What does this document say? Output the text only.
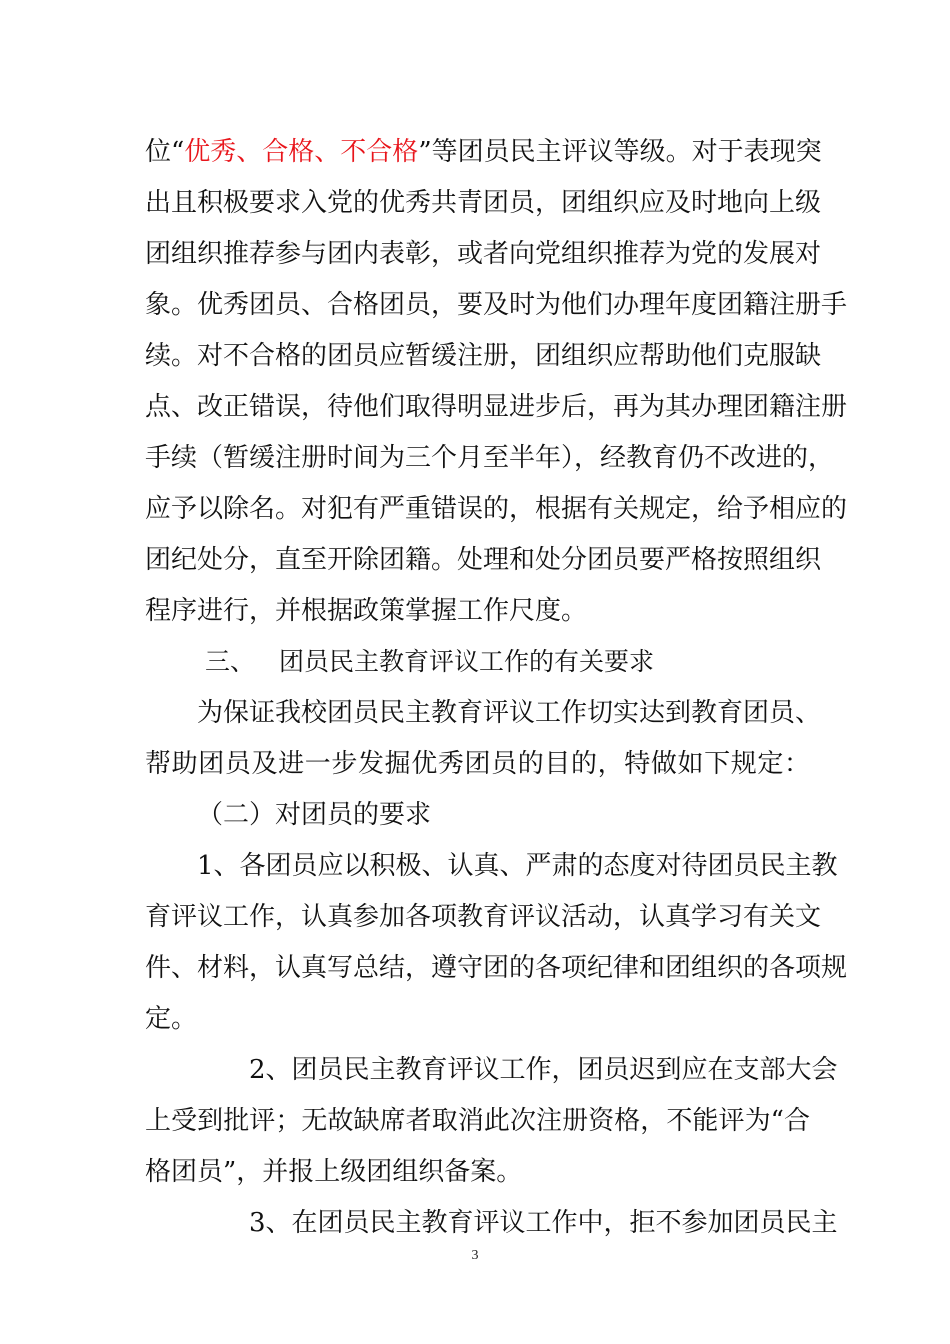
位“优秀、合格、不合格”等团员民主评议等级。对于表现突
出且积极要求入党的优秀共青团员，团组织应及时地向上级
团组织推荐参与团内表彰，或者向党组织推荐为党的发展对
象。优秀团员、合格团员，要及时为他们办理年度团籍注册手
续。对不合格的团员应暂缓注册，团组织应帮助他们克服缺
点、改正错误，待他们取得明显进步后，再为其办理团籍注册
手续（暂缓注册时间为三个月至半年），经教育仍不改进的，
应予以除名。对犯有严重错误的，根据有关规定，给予相应的
团纪处分，直至开除团籍。处理和处分团员要严格按照组织
程序进行，并根据政策掌握工作尺度。
三、 团员民主教育评议工作的有关要求
为保证我校团员民主教育评议工作切实达到教育团员、
帮助团员及进一步发掘优秀团员的目的，特做如下规定：
（二）对团员的要求
1、各团员应以积极、认真、严肃的态度对待团员民主教
育评议工作，认真参加各项教育评议活动，认真学习有关文
件、材料，认真写总结，遵守团的各项纪律和团组织的各项规
定。
2、团员民主教育评议工作，团员迟到应在支部大会
上受到批评；无故缺席者取消此次注册资格，不能评为“合
格团员”，并报上级团组织备案。
3、在团员民主教育评议工作中，拒不参加团员民主
3
